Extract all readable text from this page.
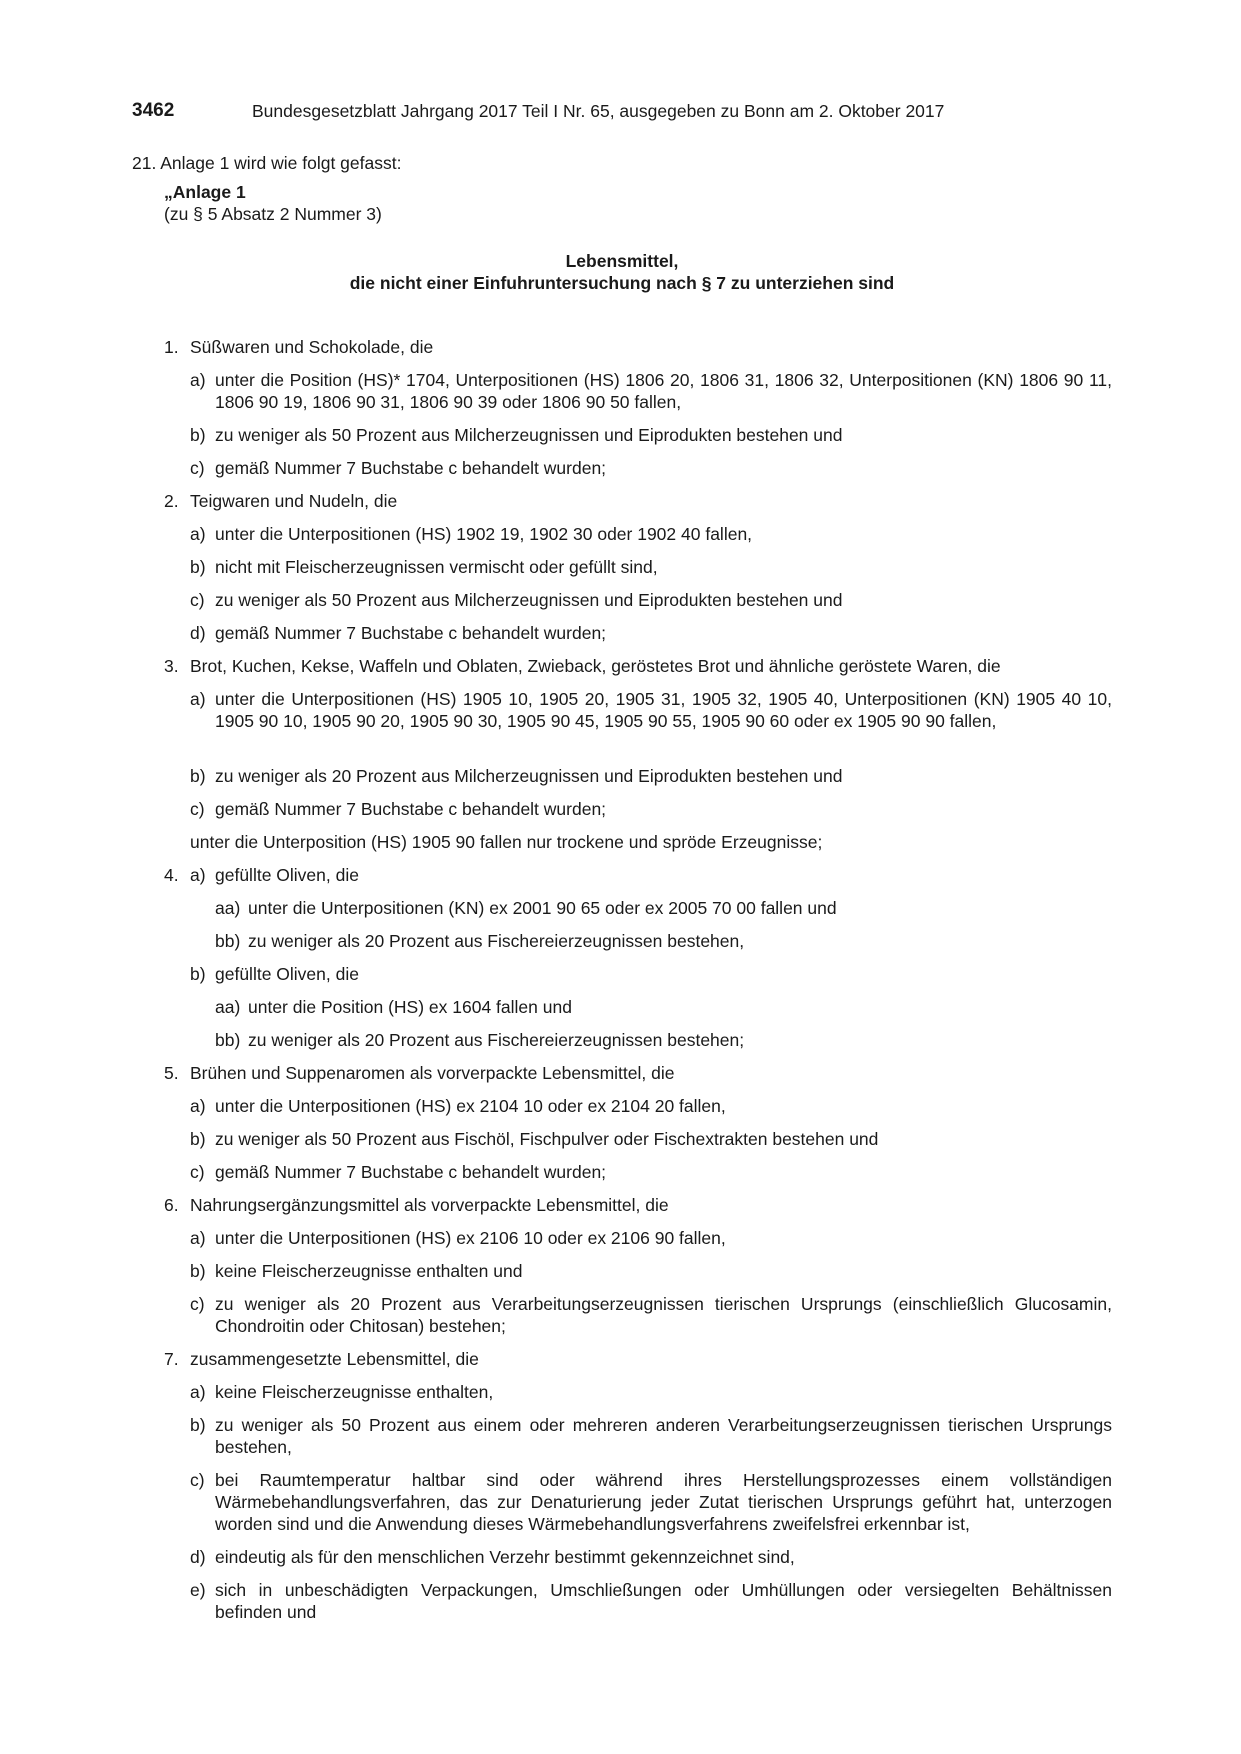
3462	Bundesgesetzblatt Jahrgang 2017 Teil I Nr. 65, ausgegeben zu Bonn am 2. Oktober 2017
21. Anlage 1 wird wie folgt gefasst:
„Anlage 1
(zu § 5 Absatz 2 Nummer 3)
Lebensmittel,
die nicht einer Einfuhruntersuchung nach § 7 zu unterziehen sind
1. Süßwaren und Schokolade, die
a) unter die Position (HS)* 1704, Unterpositionen (HS) 1806 20, 1806 31, 1806 32, Unterpositionen (KN) 1806 90 11, 1806 90 19, 1806 90 31, 1806 90 39 oder 1806 90 50 fallen,
b) zu weniger als 50 Prozent aus Milcherzeugnissen und Eiprodukten bestehen und
c) gemäß Nummer 7 Buchstabe c behandelt wurden;
2. Teigwaren und Nudeln, die
a) unter die Unterpositionen (HS) 1902 19, 1902 30 oder 1902 40 fallen,
b) nicht mit Fleischerzeugnissen vermischt oder gefüllt sind,
c) zu weniger als 50 Prozent aus Milcherzeugnissen und Eiprodukten bestehen und
d) gemäß Nummer 7 Buchstabe c behandelt wurden;
3. Brot, Kuchen, Kekse, Waffeln und Oblaten, Zwieback, geröstetes Brot und ähnliche geröstete Waren, die
a) unter die Unterpositionen (HS) 1905 10, 1905 20, 1905 31, 1905 32, 1905 40, Unterpositionen (KN) 1905 40 10, 1905 90 10, 1905 90 20, 1905 90 30, 1905 90 45, 1905 90 55, 1905 90 60 oder ex 1905 90 90 fallen,
b) zu weniger als 20 Prozent aus Milcherzeugnissen und Eiprodukten bestehen und
c) gemäß Nummer 7 Buchstabe c behandelt wurden;
unter die Unterposition (HS) 1905 90 fallen nur trockene und spröde Erzeugnisse;
4. a) gefüllte Oliven, die
aa) unter die Unterpositionen (KN) ex 2001 90 65 oder ex 2005 70 00 fallen und
bb) zu weniger als 20 Prozent aus Fischereierzeugnissen bestehen,
b) gefüllte Oliven, die
aa) unter die Position (HS) ex 1604 fallen und
bb) zu weniger als 20 Prozent aus Fischereierzeugnissen bestehen;
5. Brühen und Suppenaromen als vorverpackte Lebensmittel, die
a) unter die Unterpositionen (HS) ex 2104 10 oder ex 2104 20 fallen,
b) zu weniger als 50 Prozent aus Fischöl, Fischpulver oder Fischextrakten bestehen und
c) gemäß Nummer 7 Buchstabe c behandelt wurden;
6. Nahrungsergänzungsmittel als vorverpackte Lebensmittel, die
a) unter die Unterpositionen (HS) ex 2106 10 oder ex 2106 90 fallen,
b) keine Fleischerzeugnisse enthalten und
c) zu weniger als 20 Prozent aus Verarbeitungserzeugnissen tierischen Ursprungs (einschließlich Glucosamin, Chondroitin oder Chitosan) bestehen;
7. zusammengesetzte Lebensmittel, die
a) keine Fleischerzeugnisse enthalten,
b) zu weniger als 50 Prozent aus einem oder mehreren anderen Verarbeitungserzeugnissen tierischen Ursprungs bestehen,
c) bei Raumtemperatur haltbar sind oder während ihres Herstellungsprozesses einem vollständigen Wärmebehandlungsverfahren, das zur Denaturierung jeder Zutat tierischen Ursprungs geführt hat, unterzogen worden sind und die Anwendung dieses Wärmebehandlungsverfahrens zweifelsfrei erkennbar ist,
d) eindeutig als für den menschlichen Verzehr bestimmt gekennzeichnet sind,
e) sich in unbeschädigten Verpackungen, Umschließungen oder Umhüllungen oder versiegelten Behältnissen befinden und
